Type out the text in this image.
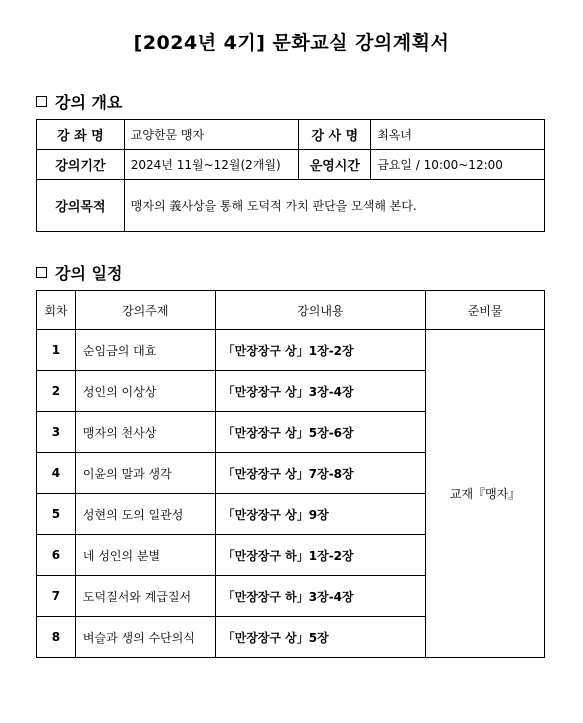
[2024년 4기] 문화교실 강의계획서
강의 개요
강 좌 명	교양한문 맹자	강 사 명	최옥녀
강의기간	2024년 11월~12월(2개월)	운영시간	금요일 / 10:00~12:00
강의목적	맹자의 義사상을 통해 도덕적 가치 판단을 모색해 본다.		
강의 일정
회차	강의주제	강의내용	준비물
1	순임금의 대효	「만장장구 상」1장-2장	교재『맹자』
2	성인의 이상상	「만장장구 상」3장-4장	
3	맹자의 천사상	「만장장구 상」5장-6장	
4	이윤의 말과 생각	「만장장구 상」7장-8장	
5	성현의 도의 일관성	「만장장구 상」9장	
6	네 성인의 분별	「만장장구 하」1장-2장	
7	도덕질서와 계급질서	「만장장구 하」3장-4장	
8	벼슬과 생의 수단의식	「만장장구 상」5장	
